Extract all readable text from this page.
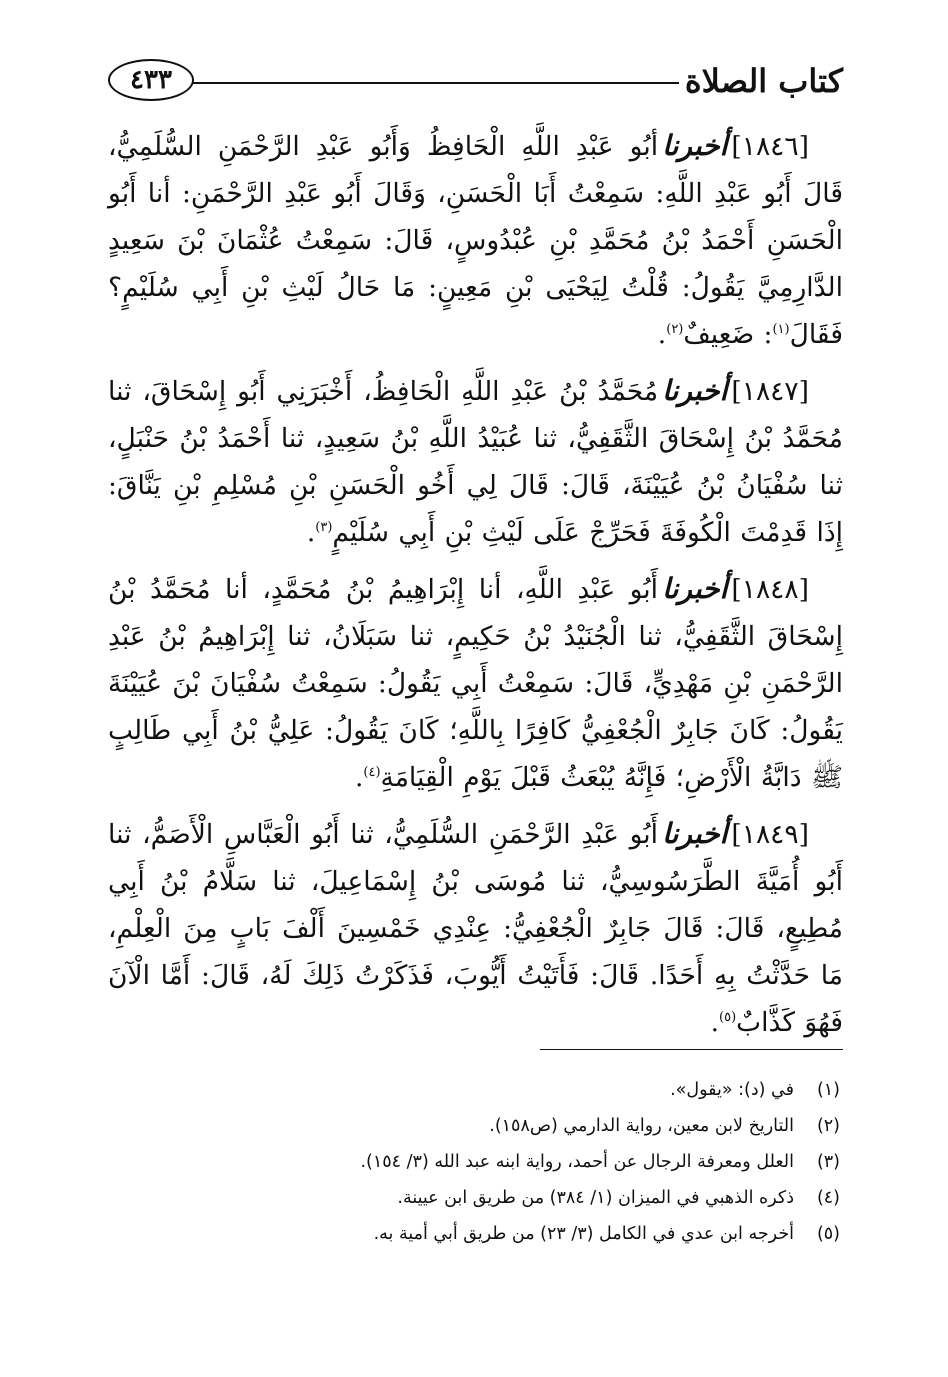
٤٣٣	كتاب الصلاة

[١٨٤٦]أخبرناأبُو عَبْدِ اللَّهِ الْحَافِظُ وَأَبُو عَبْدِ الرَّحْمَنِ السُّلَمِيُّ، قَالَ أَبُو عَبْدِ اللَّهِ: سَمِعْتُ أَبَا الْحَسَنِ، وَقَالَ أَبُو عَبْدِ الرَّحْمَنِ: أنا أَبُو الْحَسَنِ أَحْمَدُ بْنُ مُحَمَّدِ بْنِ عُبْدُوسٍ، قَالَ: سَمِعْتُ عُثْمَانَ بْنَ سَعِيدٍ الدَّارِمِيَّ يَقُولُ: قُلْتُ لِيَحْيَى بْنِ مَعِينٍ: مَا حَالُ لَيْثِ بْنِ أَبِي سُلَيْمٍ؟ فَقَالَ$^{(١)}$: ضَعِيفٌ$^{(٢)}$.

[١٨٤٧]أخبرنامُحَمَّدُ بْنُ عَبْدِ اللَّهِ الْحَافِظُ، أَخْبَرَنِي أَبُو إِسْحَاقَ، ثنا مُحَمَّدُ بْنُ إِسْحَاقَ الثَّقَفِيُّ، ثنا عُبَيْدُ اللَّهِ بْنُ سَعِيدٍ، ثنا أَحْمَدُ بْنُ حَنْبَلٍ، ثنا سُفْيَانُ بْنُ عُيَيْنَةَ، قَالَ: قَالَ لِي أَخُو الْحَسَنِ بْنِ مُسْلِمِ بْنِ يَنَّاقَ: إِذَا قَدِمْتَ الْكُوفَةَ فَحَرِّجْ عَلَى لَيْثِ بْنِ أَبِي سُلَيْمٍ$^{(٣)}$.

[١٨٤٨]أخبرناأَبُو عَبْدِ اللَّهِ، أنا إِبْرَاهِيمُ بْنُ مُحَمَّدٍ، أنا مُحَمَّدُ بْنُ إِسْحَاقَ الثَّقَفِيُّ، ثنا الْجُنَيْدُ بْنُ حَكِيمٍ، ثنا سَبَلَانُ، ثنا إِبْرَاهِيمُ بْنُ عَبْدِ الرَّحْمَنِ بْنِ مَهْدِيٍّ، قَالَ: سَمِعْتُ أَبِي يَقُولُ: سَمِعْتُ سُفْيَانَ بْنَ عُيَيْنَةَ يَقُولُ: كَانَ جَابِرٌ الْجُعْفِيُّ كَافِرًا بِاللَّهِ؛ كَانَ يَقُولُ: عَلِيُّ بْنُ أَبِي طَالِبٍ ﷺ دَابَّةُ الْأَرْضِ؛ فَإِنَّهُ يُبْعَثُ قَبْلَ يَوْمِ الْقِيَامَةِ$^{(٤)}$.

[١٨٤٩]أخبرناأَبُو عَبْدِ الرَّحْمَنِ السُّلَمِيُّ، ثنا أَبُو الْعَبَّاسِ الْأَصَمُّ، ثنا أَبُو أُمَيَّةَ الطَّرَسُوسِيُّ، ثنا مُوسَى بْنُ إِسْمَاعِيلَ، ثنا سَلَّامُ بْنُ أَبِي مُطِيعٍ، قَالَ: قَالَ جَابِرٌ الْجُعْفِيُّ: عِنْدِي خَمْسِينَ أَلْفَ بَابٍ مِنَ الْعِلْمِ، مَا حَدَّثْتُ بِهِ أَحَدًا. قَالَ: فَأَتَيْتُ أَيُّوبَ، فَذَكَرْتُ ذَلِكَ لَهُ، قَالَ: أَمَّا الْآنَ فَهُوَ كَذَّابٌ$^{(٥)}$.

(١)في (د): «يقول».
(٢)التاريخ لابن معين، رواية الدارمي (ص١٥٨).
(٣)العلل ومعرفة الرجال عن أحمد، رواية ابنه عبد الله (٣/ ١٥٤).
(٤)ذكره الذهبي في الميزان (١/ ٣٨٤) من طريق ابن عيينة.
(٥)أخرجه ابن عدي في الكامل (٣/ ٢٣) من طريق أبي أمية به.
